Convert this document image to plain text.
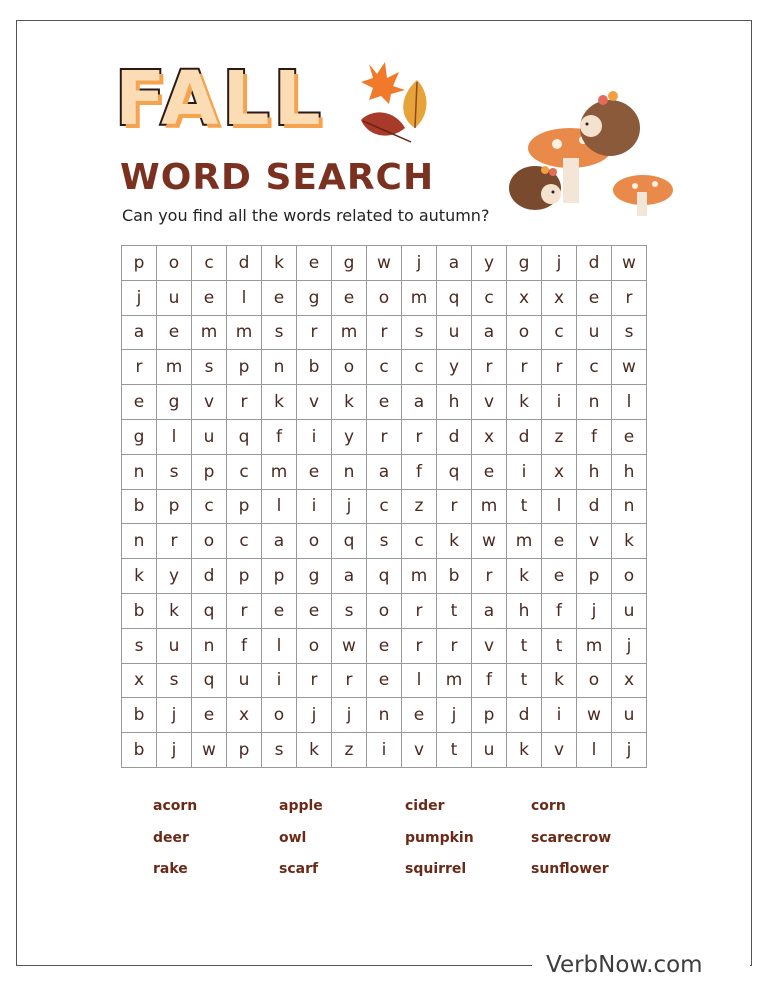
FALL
WORD SEARCH
Can you find all the words related to autumn?
p	o	c	d	k	e	g	w	j	a	y	g	j	d	w
j	u	e	l	e	g	e	o	m	q	c	x	x	e	r
a	e	m	m	s	r	m	r	s	u	a	o	c	u	s
r	m	s	p	n	b	o	c	c	y	r	r	r	c	w
e	g	v	r	k	v	k	e	a	h	v	k	i	n	l
g	l	u	q	f	i	y	r	r	d	x	d	z	f	e
n	s	p	c	m	e	n	a	f	q	e	i	x	h	h
b	p	c	p	l	i	j	c	z	r	m	t	l	d	n
n	r	o	c	a	o	q	s	c	k	w	m	e	v	k
k	y	d	p	p	g	a	q	m	b	r	k	e	p	o
b	k	q	r	e	e	s	o	r	t	a	h	f	j	u
s	u	n	f	l	o	w	e	r	r	v	t	t	m	j
x	s	q	u	i	r	r	e	l	m	f	t	k	o	x
b	j	e	x	o	j	j	n	e	j	p	d	i	w	u
b	j	w	p	s	k	z	i	v	t	u	k	v	l	j
acorn	apple	cider	corn
deer	owl	pumpkin	scarecrow
rake	scarf	squirrel	sunflower
VerbNow.com
